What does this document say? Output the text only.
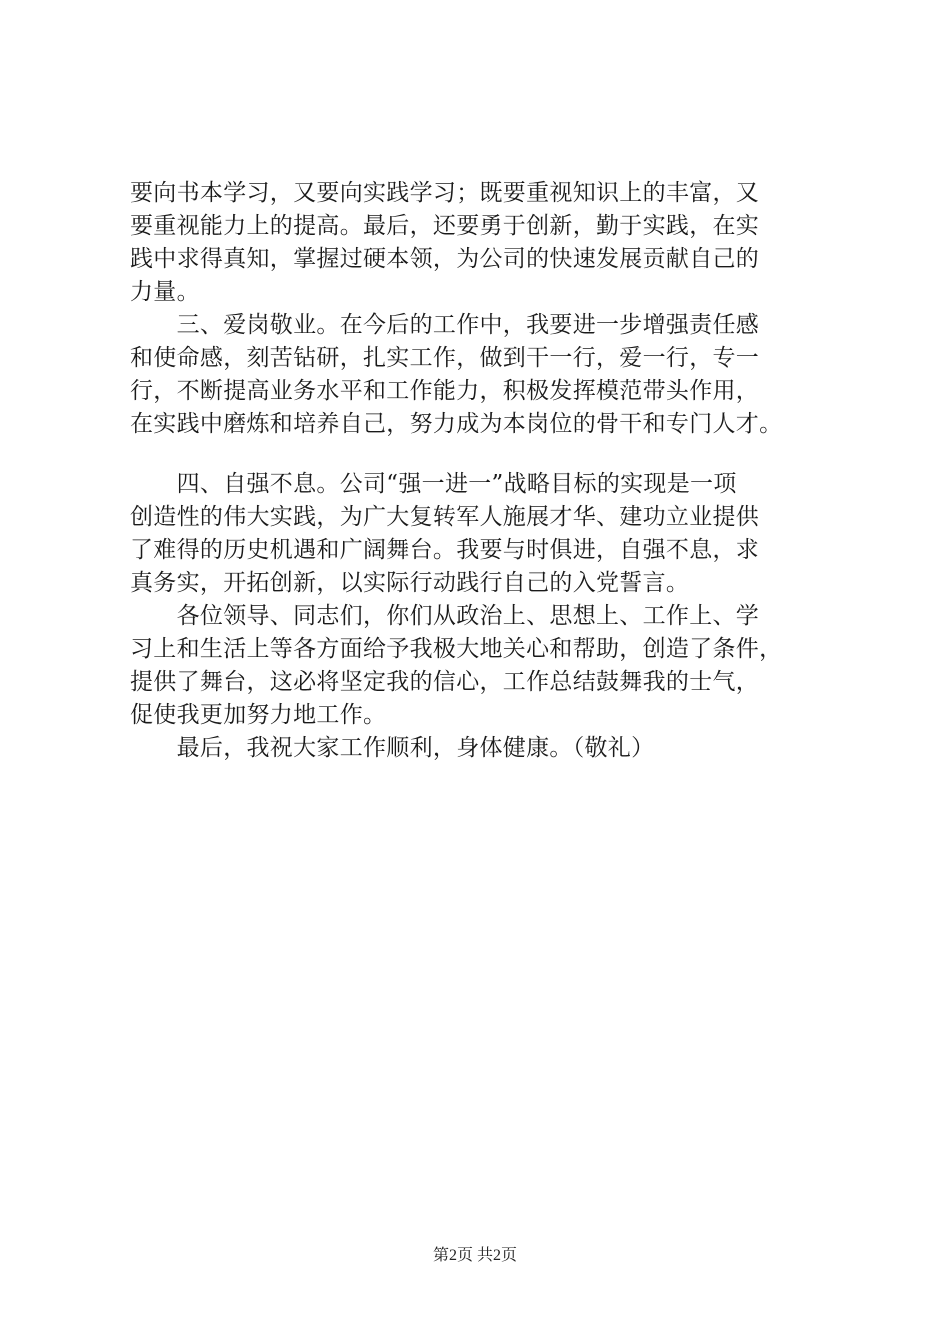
要向书本学习，又要向实践学习；既要重视知识上的丰富，又
要重视能力上的提高。最后，还要勇于创新，勤于实践，在实
践中求得真知，掌握过硬本领，为公司的快速发展贡献自己的
力量。
　　三、爱岗敬业。在今后的工作中，我要进一步增强责任感
和使命感，刻苦钻研，扎实工作，做到干一行，爱一行，专一
行，不断提高业务水平和工作能力，积极发挥模范带头作用，
在实践中磨炼和培养自己，努力成为本岗位的骨干和专门人才。
　　四、自强不息。公司“强一进一”战略目标的实现是一项
创造性的伟大实践，为广大复转军人施展才华、建功立业提供
了难得的历史机遇和广阔舞台。我要与时俱进，自强不息，求
真务实，开拓创新，以实际行动践行自己的入党誓言。
　　各位领导、同志们，你们从政治上、思想上、工作上、学
习上和生活上等各方面给予我极大地关心和帮助，创造了条件，
提供了舞台，这必将坚定我的信心，工作总结鼓舞我的士气，
促使我更加努力地工作。
　　最后，我祝大家工作顺利，身体健康。（敬礼）
第2页 共2页
